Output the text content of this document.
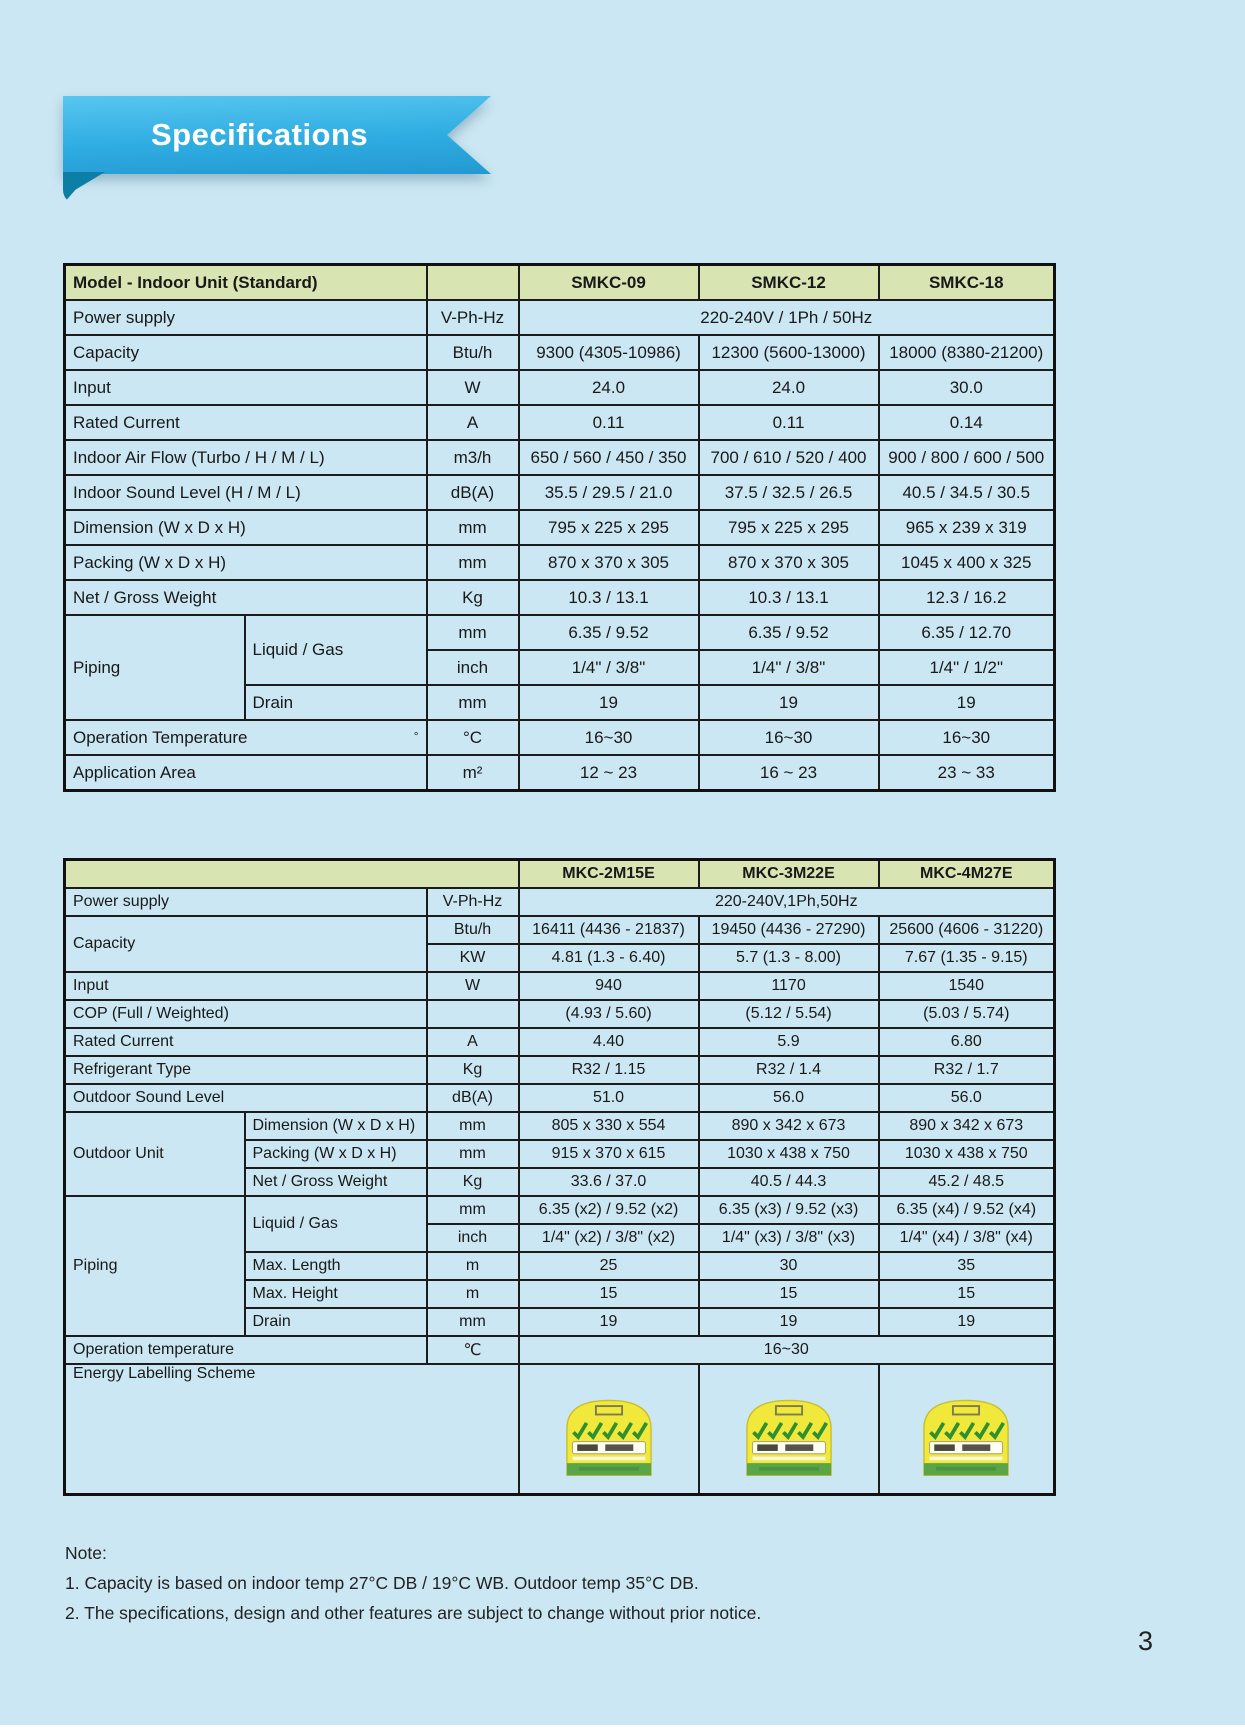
Specifications
Model - Indoor Unit (Standard)			SMKC-09	SMKC-12	SMKC-18
Power supply		V-Ph-Hz	220-240V / 1Ph / 50Hz		
Capacity		Btu/h	9300 (4305-10986)	12300 (5600-13000)	18000 (8380-21200)
Input		W	24.0	24.0	30.0
Rated Current		A	0.11	0.11	0.14
Indoor Air Flow (Turbo / H / M / L)		m3/h	650 / 560 / 450 / 350	700 / 610 / 520 / 400	900 / 800 / 600 / 500
Indoor Sound Level (H / M / L)		dB(A)	35.5 / 29.5 / 21.0	37.5 / 32.5 / 26.5	40.5 / 34.5 / 30.5
Dimension (W x D x H)		mm	795 x 225 x 295	795 x 225 x 295	965 x 239 x 319
Packing (W x D x H)		mm	870 x 370 x 305	870 x 370 x 305	1045 x 400 x 325
Net / Gross Weight		Kg	10.3 / 13.1	10.3 / 13.1	12.3 / 16.2
Piping	Liquid / Gas	mm	6.35 / 9.52	6.35 / 9.52	6.35 / 12.70
		inch	1/4" / 3/8"	1/4" / 3/8"	1/4" / 1/2"
	Drain	mm	19	19	19

°
Operation Temperature		°C	16~30	16~30	16~30
Application Area		m²	12 ~ 23	16 ~ 23	23 ~ 33
			MKC-2M15E	MKC-3M22E	MKC-4M27E
Power supply		V-Ph-Hz	220-240V,1Ph,50Hz		
Capacity		Btu/h	16411 (4436 - 21837)	19450 (4436 - 27290)	25600 (4606 - 31220)
		KW	4.81 (1.3 - 6.40)	5.7 (1.3 - 8.00)	7.67 (1.35 - 9.15)
Input		W	940	1170	1540
COP (Full / Weighted)			(4.93 / 5.60)	(5.12 / 5.54)	(5.03 / 5.74)
Rated Current		A	4.40	5.9	6.80
Refrigerant Type		Kg	R32 / 1.15	R32 / 1.4	R32 / 1.7
Outdoor Sound Level		dB(A)	51.0	56.0	56.0
Outdoor Unit	Dimension (W x D x H)	mm	805 x 330 x 554	890 x 342 x 673	890 x 342 x 673
	Packing (W x D x H)	mm	915 x 370 x 615	1030 x 438 x 750	1030 x 438 x 750
	Net / Gross Weight	Kg	33.6 / 37.0	40.5 / 44.3	45.2 / 48.5
Piping	Liquid / Gas	mm	6.35 (x2) / 9.52 (x2)	6.35 (x3) / 9.52 (x3)	6.35 (x4) / 9.52 (x4)
		inch	1/4" (x2) / 3/8" (x2)	1/4" (x3) / 3/8" (x3)	1/4" (x4) / 3/8" (x4)
	Max. Length	m	25	30	35
	Max. Height	m	15	15	15
	Drain	mm	19	19	19
Operation temperature		℃	16~30		
Energy Labelling Scheme			
Note:
1. Capacity is based on indoor temp 27°C DB / 19°C WB. Outdoor temp 35°C DB.
2. The specifications, design and other features are subject to change without prior notice.
3
